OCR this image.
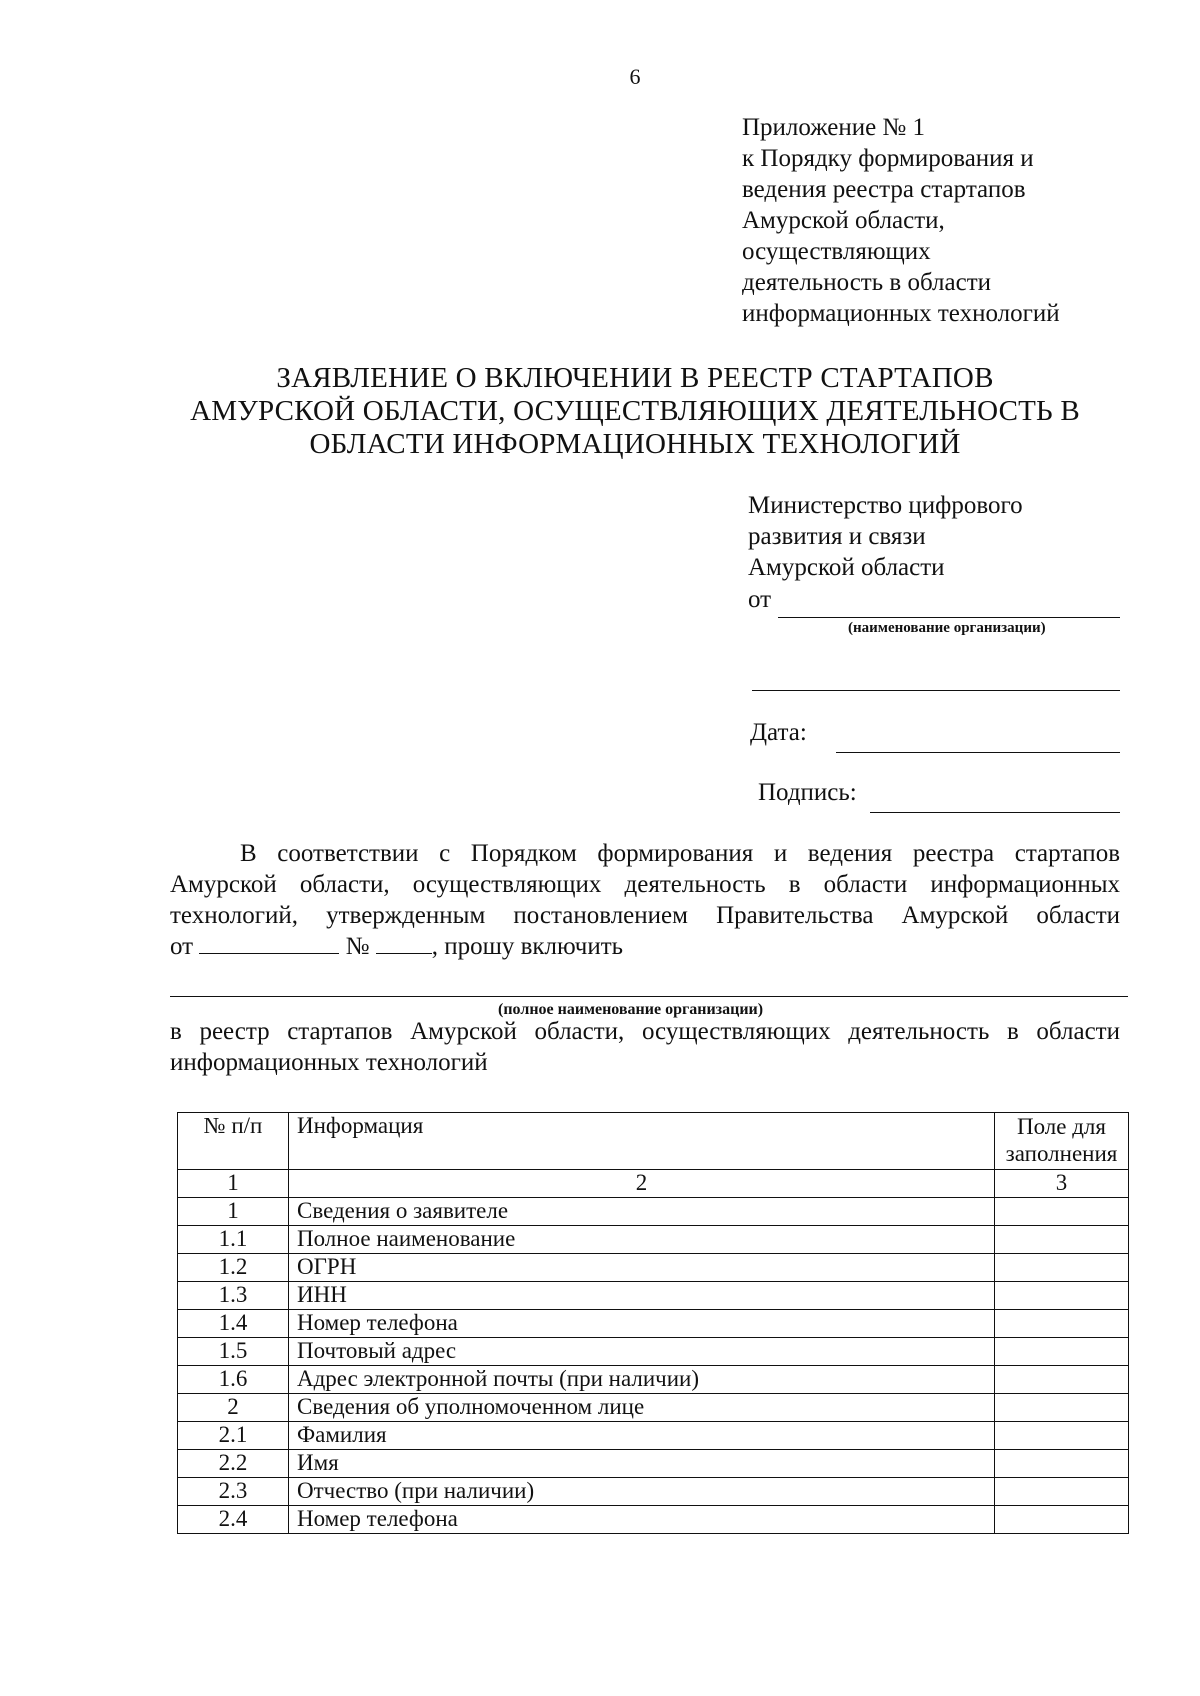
6
Приложение № 1
к Порядку формирования и
ведения реестра стартапов
Амурской области,
осуществляющих
деятельность в области
информационных технологий
ЗАЯВЛЕНИЕ О ВКЛЮЧЕНИИ В РЕЕСТР СТАРТАПОВ
АМУРСКОЙ ОБЛАСТИ, ОСУЩЕСТВЛЯЮЩИХ ДЕЯТЕЛЬНОСТЬ В
ОБЛАСТИ ИНФОРМАЦИОННЫХ ТЕХНОЛОГИЙ
Министерство цифрового
развития и связи
Амурской области
от
(наименование организации)
Дата:
Подпись:

В соответствии с Порядком формирования и ведения реестра стартапов

Амурской области, осуществляющих деятельность в области информационных

технологий, утвержденным постановлением Правительства Амурской области

от	№ , прошу включить

(полное наименование организации)
в реестр стартапов Амурской области, осуществляющих деятельность в области информационных технологий
№ п/п	Информация	Поле для заполнения
1	2	3
1	Сведения о заявителе	
1.1	Полное наименование	
1.2	ОГРН	
1.3	ИНН	
1.4	Номер телефона	
1.5	Почтовый адрес	
1.6	Адрес электронной почты (при наличии)	
2	Сведения об уполномоченном лице	
2.1	Фамилия	
2.2	Имя	
2.3	Отчество (при наличии)	
2.4	Номер телефона	
